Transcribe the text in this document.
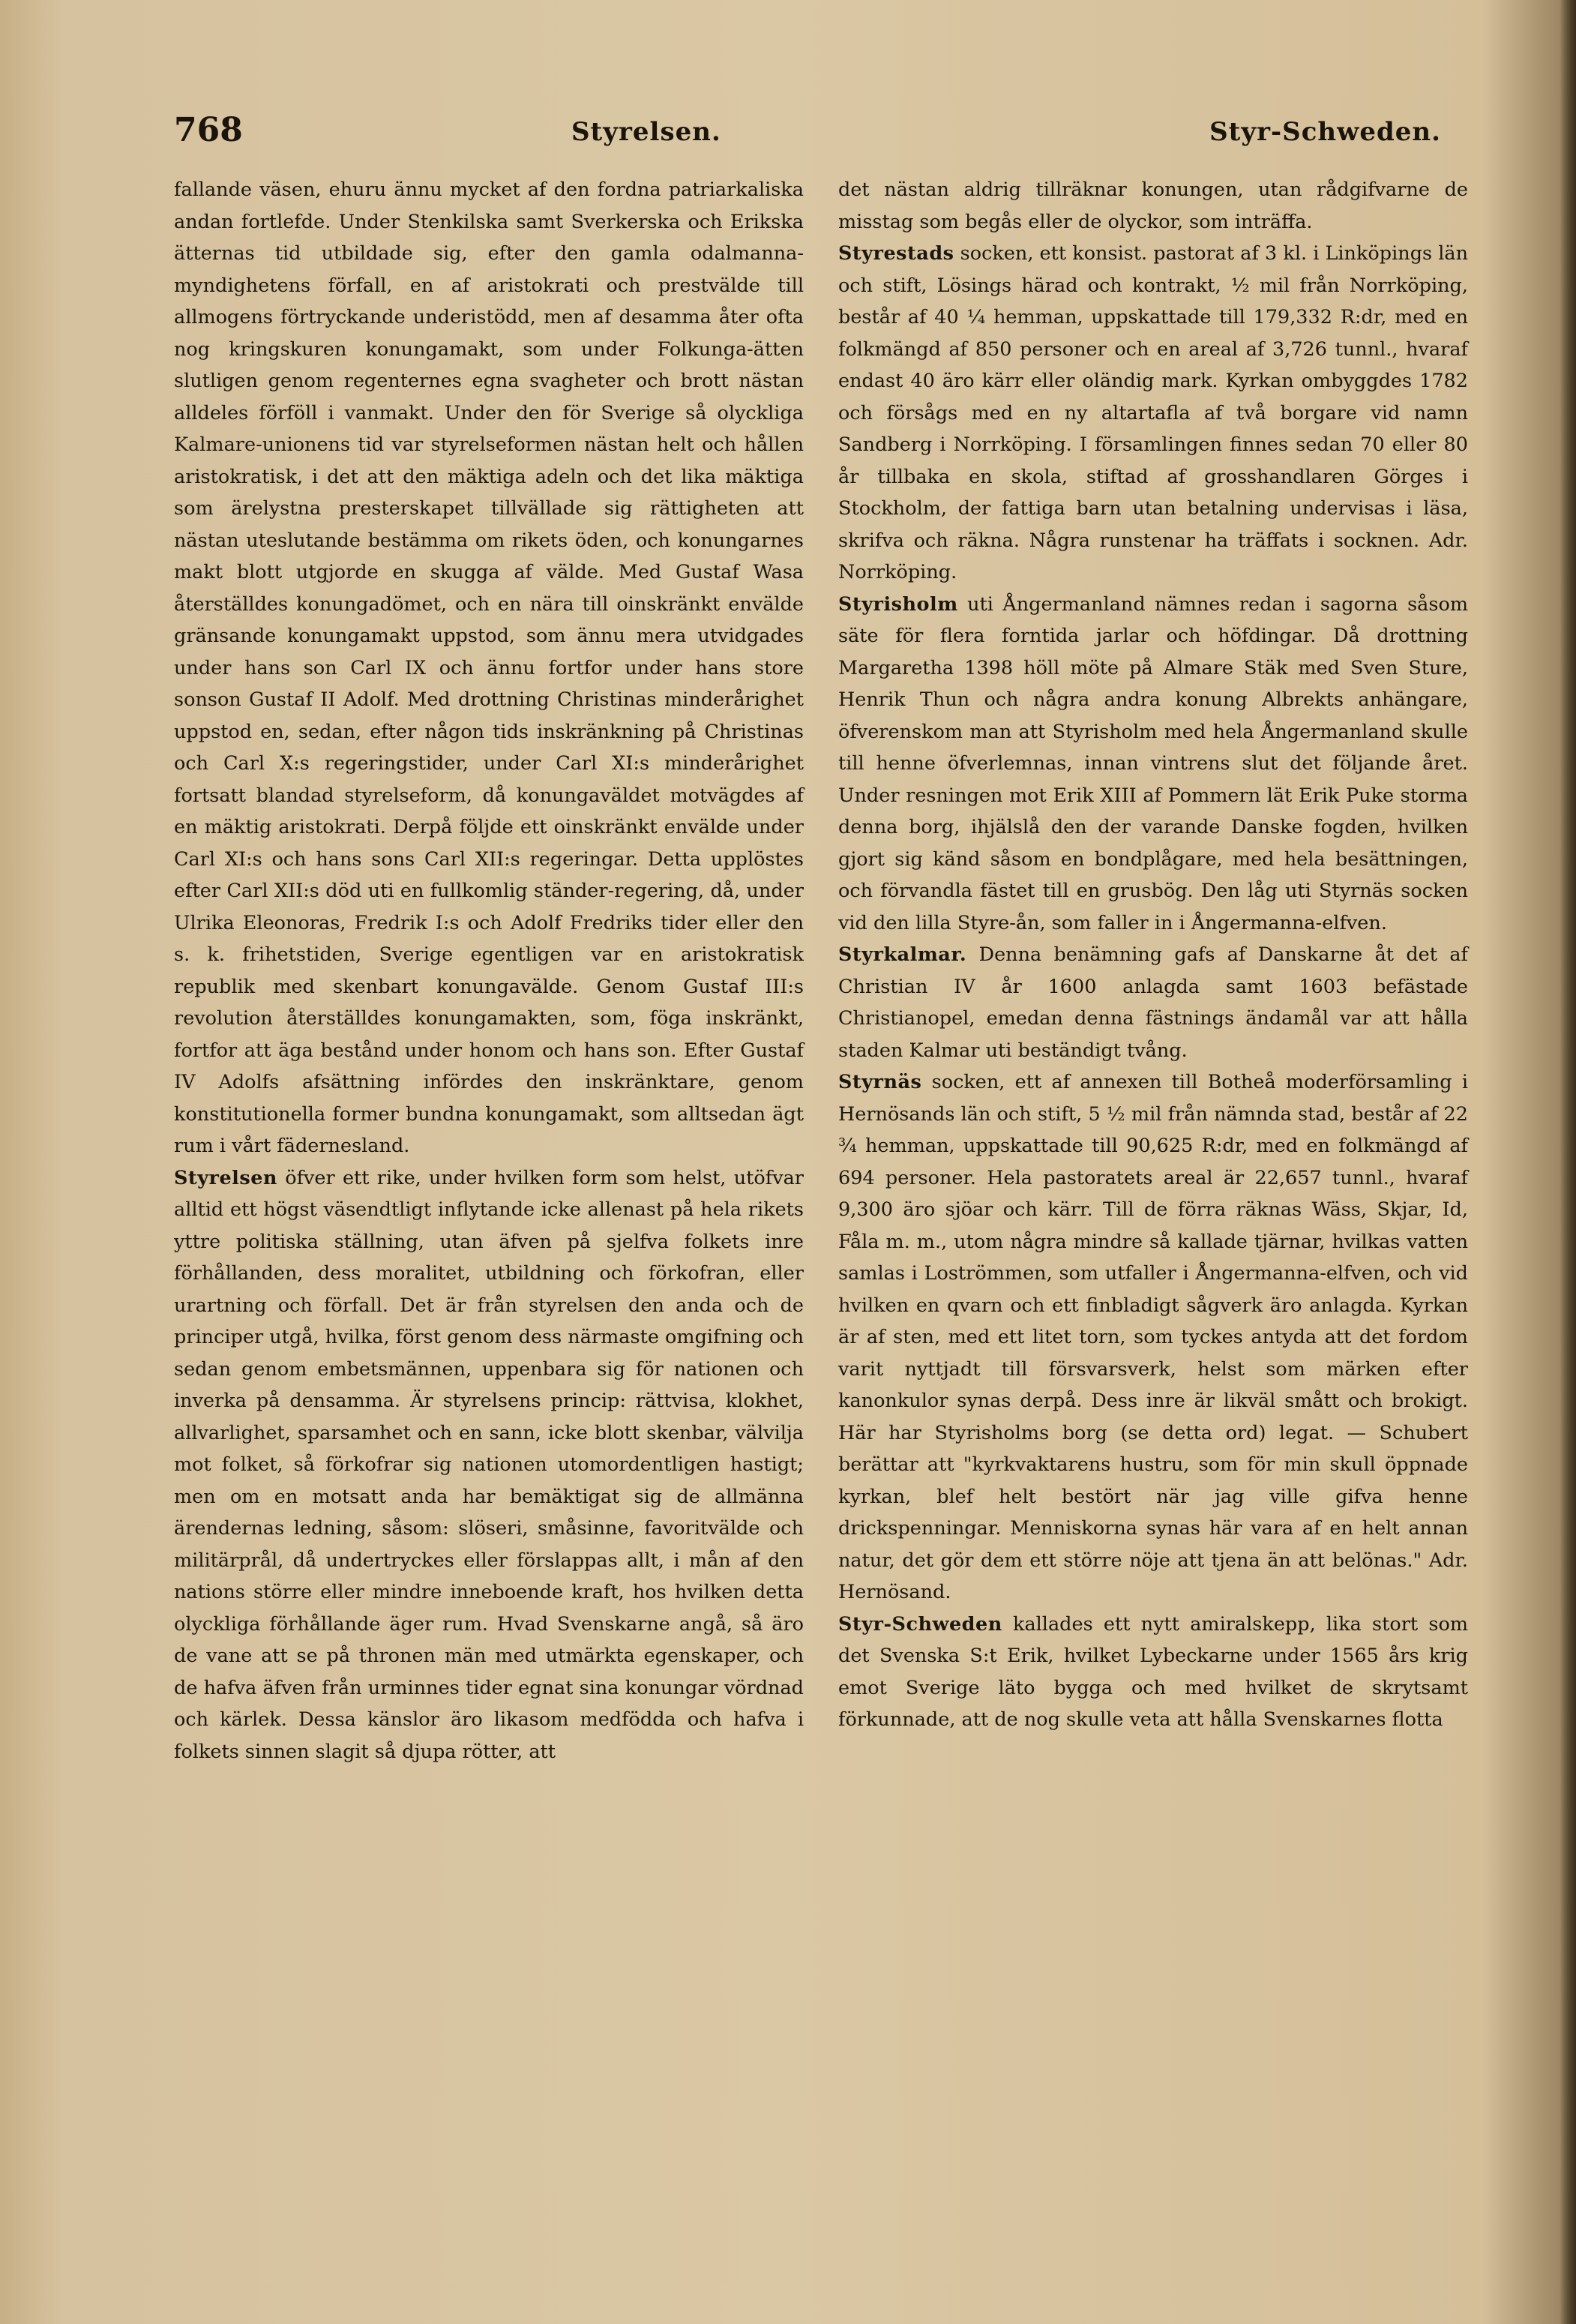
768	Styrelsen.	Styr-Schweden.

fallande väsen, ehuru ännu mycket af den fordna patriarkaliska andan fortlefde. Under Stenkilska samt Sverkerska och Erikska ätternas tid utbildade sig, efter den gamla odalmanna-myndighetens förfall, en af aristokrati och prestvälde till allmogens förtryckande underistödd, men af desamma åter ofta nog kringskuren konungamakt, som under Folkunga-ätten slutligen genom regenternes egna svagheter och brott nästan alldeles förföll i vanmakt. Under den för Sverige så olyckliga Kalmare-unionens tid var styrelseformen nästan helt och hållen aristokratisk, i det att den mäktiga adeln och det lika mäktiga som ärelystna presterskapet tillvällade sig rättigheten att nästan uteslutande bestämma om rikets öden, och konungarnes makt blott utgjorde en skugga af välde. Med Gustaf Wasa återställdes konungadömet, och en nära till oinskränkt envälde gränsande konungamakt uppstod, som ännu mera utvidgades under hans son Carl IX och ännu fortfor under hans store sonson Gustaf II Adolf. Med drottning Christinas minderårighet uppstod en, sedan, efter någon tids inskränkning på Christinas och Carl X:s regeringstider, under Carl XI:s minderårighet fortsatt blandad styrelseform, då konungaväldet motvägdes af en mäktig aristokrati. Derpå följde ett oinskränkt envälde under Carl XI:s och hans sons Carl XII:s regeringar. Detta upplöstes efter Carl XII:s död uti en fullkomlig ständer-regering, då, under Ulrika Eleonoras, Fredrik I:s och Adolf Fredriks tider eller den s. k. frihetstiden, Sverige egentligen var en aristokratisk republik med skenbart konungavälde. Genom Gustaf III:s revolution återställdes konungamakten, som, föga inskränkt, fortfor att äga bestånd under honom och hans son. Efter Gustaf IV Adolfs afsättning infördes den inskränktare, genom konstitutionella former bundna konungamakt, som alltsedan ägt rum i vårt fädernesland.

Styrelsen öfver ett rike, under hvilken form som helst, utöfvar alltid ett högst väsendtligt inflytande icke allenast på hela rikets yttre politiska ställning, utan äfven på sjelfva folkets inre förhållanden, dess moralitet, utbildning och förkofran, eller urartning och förfall. Det är från styrelsen den anda och de principer utgå, hvilka, först genom dess närmaste omgifning och sedan genom embetsmännen, uppenbara sig för nationen och inverka på densamma. Är styrelsens princip: rättvisa, klokhet, allvarlighet, sparsamhet och en sann, icke blott skenbar, välvilja mot folket, så förkofrar sig nationen utomordentligen hastigt; men om en motsatt anda har bemäktigat sig de allmänna ärendernas ledning, såsom: slöseri, småsinne, favoritvälde och militärprål, då undertryckes eller förslappas allt, i mån af den nations större eller mindre inneboende kraft, hos hvilken detta olyckliga förhållande äger rum. Hvad Svenskarne angå, så äro de vane att se på thronen män med utmärkta egenskaper, och de hafva äfven från urminnes tider egnat sina konungar vördnad och kärlek. Dessa känslor äro likasom medfödda och hafva i folkets sinnen slagit så djupa rötter, att

det nästan aldrig tillräknar konungen, utan rådgifvarne de misstag som begås eller de olyckor, som inträffa.

Styrestads socken, ett konsist. pastorat af 3 kl. i Linköpings län och stift, Lösings härad och kontrakt, ½ mil från Norrköping, består af 40 ¼ hemman, uppskattade till 179,332 R:dr, med en folkmängd af 850 personer och en areal af 3,726 tunnl., hvaraf endast 40 äro kärr eller oländig mark. Kyrkan ombyggdes 1782 och försågs med en ny altartafla af två borgare vid namn Sandberg i Norrköping. I församlingen finnes sedan 70 eller 80 år tillbaka en skola, stiftad af grosshandlaren Görges i Stockholm, der fattiga barn utan betalning undervisas i läsa, skrifva och räkna. Några runstenar ha träffats i socknen. Adr. Norrköping.

Styrisholm uti Ångermanland nämnes redan i sagorna såsom säte för flera forntida jarlar och höfdingar. Då drottning Margaretha 1398 höll möte på Almare Stäk med Sven Sture, Henrik Thun och några andra konung Albrekts anhängare, öfverenskom man att Styrisholm med hela Ångermanland skulle till henne öfverlemnas, innan vintrens slut det följande året. Under resningen mot Erik XIII af Pommern lät Erik Puke storma denna borg, ihjälslå den der varande Danske fogden, hvilken gjort sig känd såsom en bondplågare, med hela besättningen, och förvandla fästet till en grusbög. Den låg uti Styrnäs socken vid den lilla Styre-ån, som faller in i Ångermanna-elfven.

Styrkalmar. Denna benämning gafs af Danskarne åt det af Christian IV år 1600 anlagda samt 1603 befästade Christianopel, emedan denna fästnings ändamål var att hålla staden Kalmar uti beständigt tvång.

Styrnäs socken, ett af annexen till Botheå moderförsamling i Hernösands län och stift, 5 ½ mil från nämnda stad, består af 22 ¾ hemman, uppskattade till 90,625 R:dr, med en folkmängd af 694 personer. Hela pastoratets areal är 22,657 tunnl., hvaraf 9,300 äro sjöar och kärr. Till de förra räknas Wäss, Skjar, Id, Fåla m. m., utom några mindre så kallade tjärnar, hvilkas vatten samlas i Loströmmen, som utfaller i Ångermanna-elfven, och vid hvilken en qvarn och ett finbladigt sågverk äro anlagda. Kyrkan är af sten, med ett litet torn, som tyckes antyda att det fordom varit nyttjadt till försvarsverk, helst som märken efter kanonkulor synas derpå. Dess inre är likväl smått och brokigt. Här har Styrisholms borg (se detta ord) legat. — Schubert berättar att "kyrkvaktarens hustru, som för min skull öppnade kyrkan, blef helt bestört när jag ville gifva henne drickspenningar. Menniskorna synas här vara af en helt annan natur, det gör dem ett större nöje att tjena än att belönas." Adr. Hernösand.

Styr-Schweden kallades ett nytt amiralskepp, lika stort som det Svenska S:t Erik, hvilket Lybeckarne under 1565 års krig emot Sverige läto bygga och med hvilket de skrytsamt förkunnade, att de nog skulle veta att hålla Svenskarnes flotta
